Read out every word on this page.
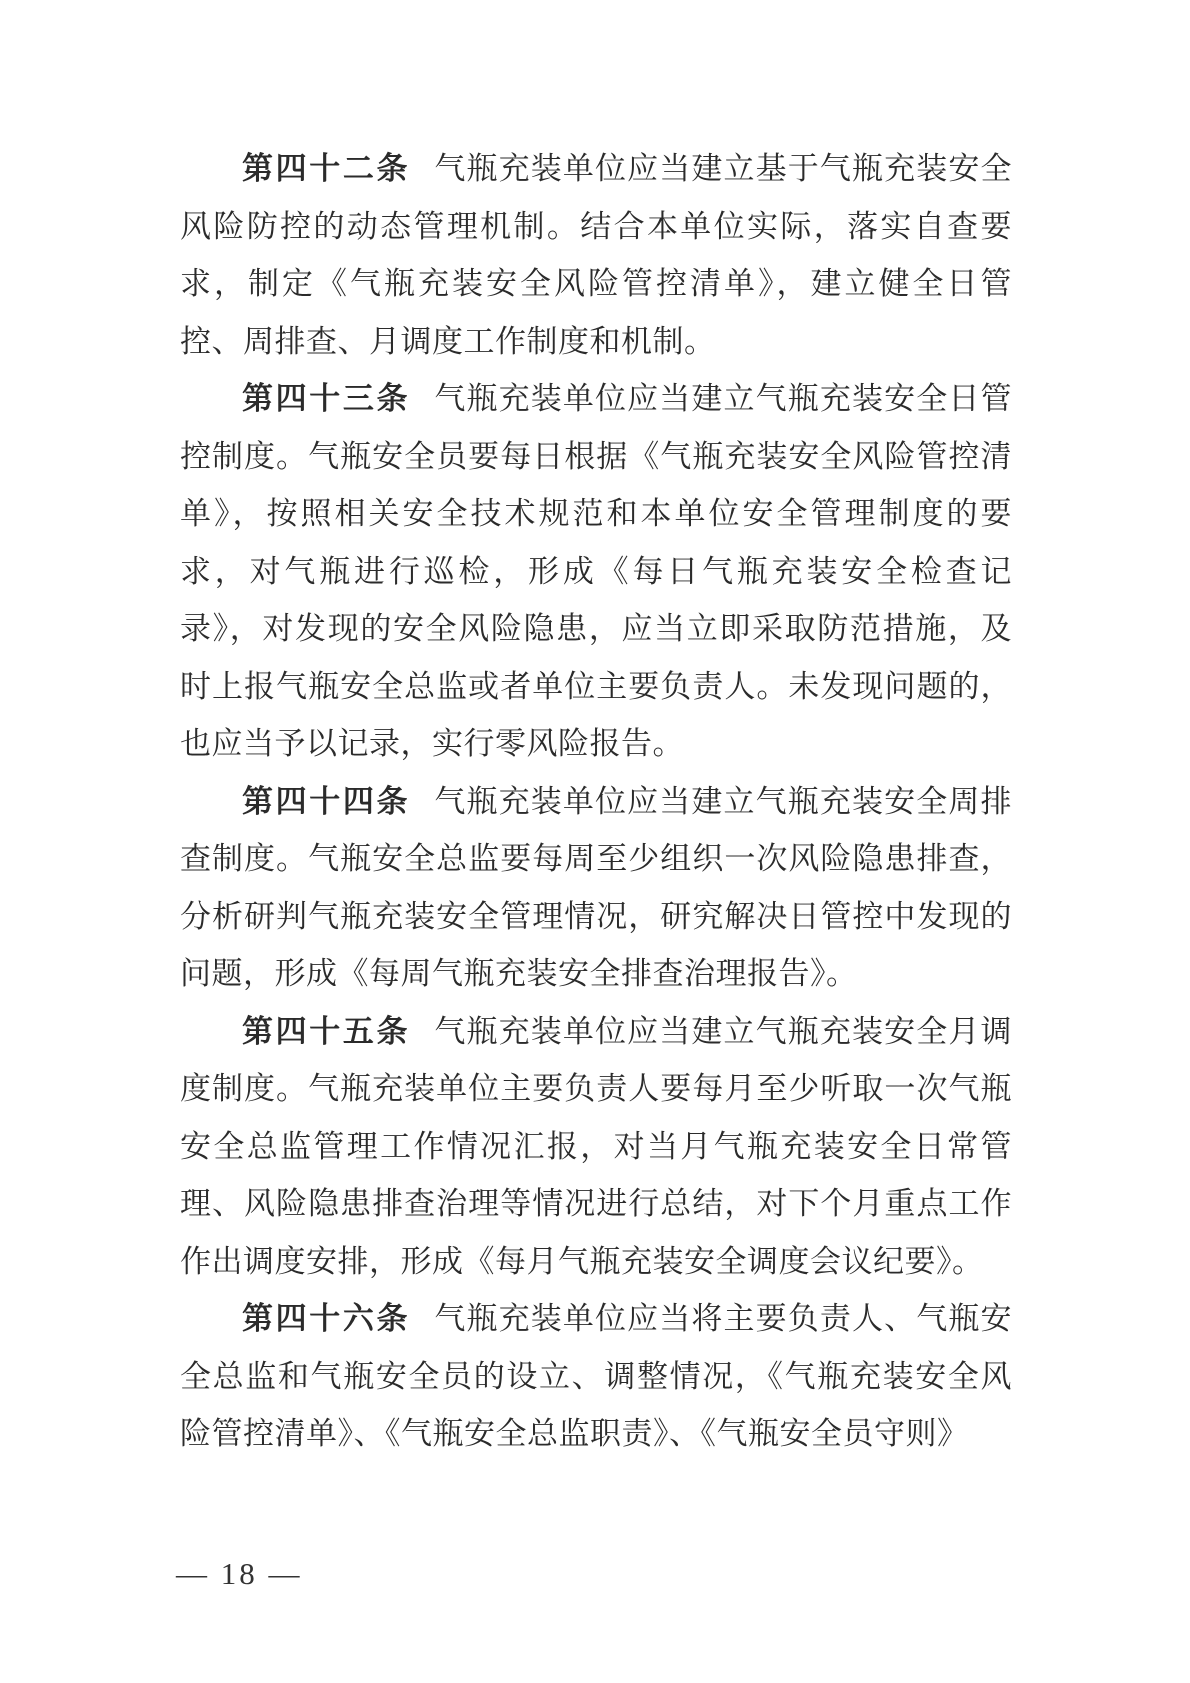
第四十二条 气瓶充装单位应当建立基于气瓶充装安全风险防控的动态管理机制。结合本单位实际，落实自查要求，制定《气瓶充装安全风险管控清单》，建立健全日管控、周排查、月调度工作制度和机制。

第四十三条 气瓶充装单位应当建立气瓶充装安全日管控制度。气瓶安全员要每日根据《气瓶充装安全风险管控清单》，按照相关安全技术规范和本单位安全管理制度的要求，对气瓶进行巡检，形成《每日气瓶充装安全检查记录》，对发现的安全风险隐患，应当立即采取防范措施，及时上报气瓶安全总监或者单位主要负责人。未发现问题的，也应当予以记录，实行零风险报告。

第四十四条 气瓶充装单位应当建立气瓶充装安全周排查制度。气瓶安全总监要每周至少组织一次风险隐患排查，分析研判气瓶充装安全管理情况，研究解决日管控中发现的问题，形成《每周气瓶充装安全排查治理报告》。

第四十五条 气瓶充装单位应当建立气瓶充装安全月调度制度。气瓶充装单位主要负责人要每月至少听取一次气瓶安全总监管理工作情况汇报，对当月气瓶充装安全日常管理、风险隐患排查治理等情况进行总结，对下个月重点工作作出调度安排，形成《每月气瓶充装安全调度会议纪要》。

第四十六条 气瓶充装单位应当将主要负责人、气瓶安全总监和气瓶安全员的设立、调整情况，《气瓶充装安全风险管控清单》、《气瓶安全总监职责》、《气瓶安全员守则》

— 18 —
